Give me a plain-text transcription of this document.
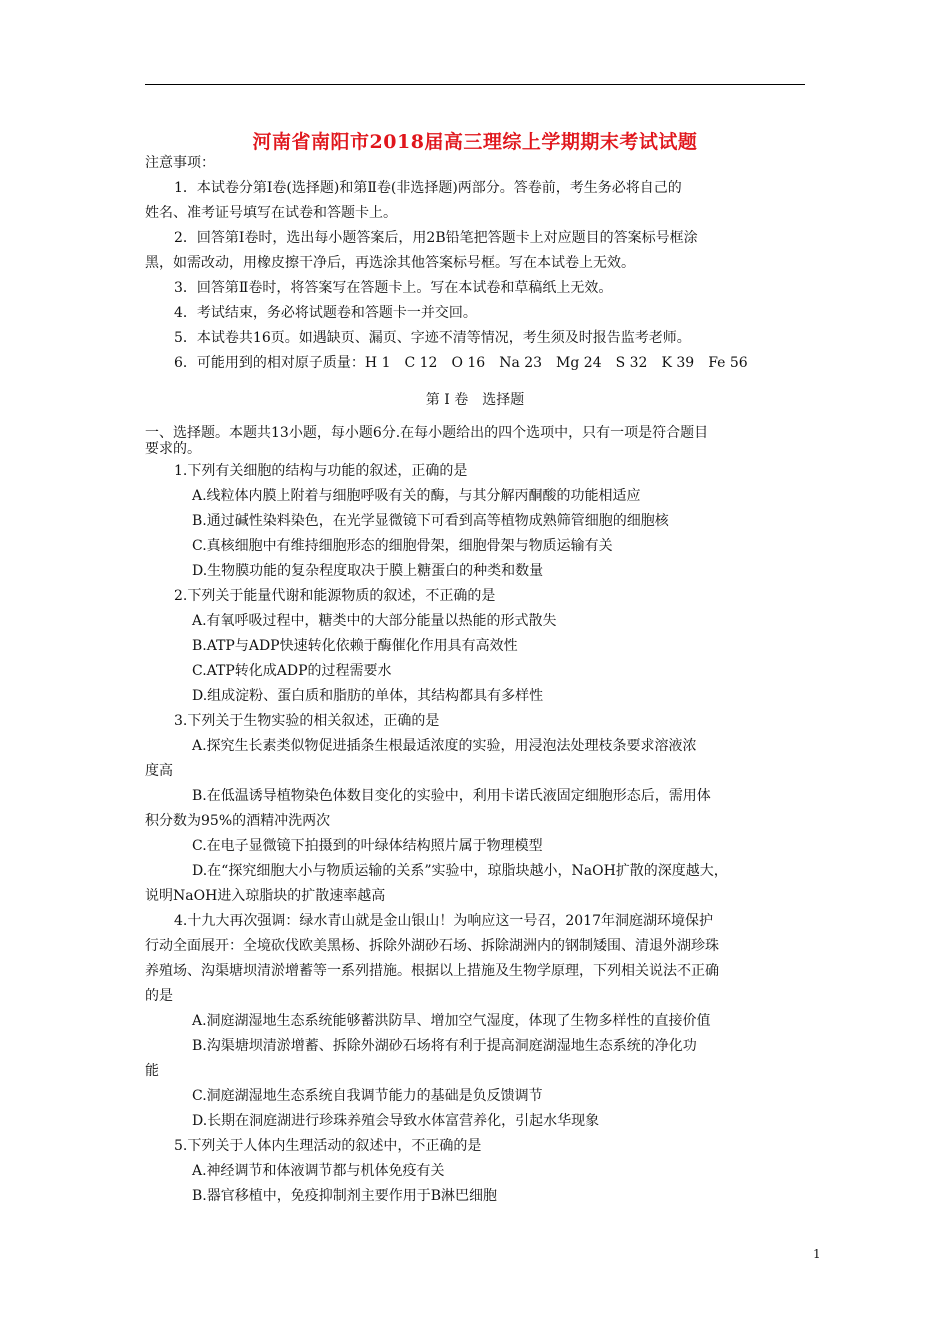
河南省南阳市2018届高三理综上学期期末考试试题
注意事项：
1．本试卷分第Ⅰ卷(选择题)和第Ⅱ卷(非选择题)两部分。答卷前，考生务必将自己的
姓名、准考证号填写在试卷和答题卡上。
2．回答第Ⅰ卷时，选出每小题答案后，用2B铅笔把答题卡上对应题目的答案标号框涂
黑，如需改动，用橡皮擦干净后，再选涂其他答案标号框。写在本试卷上无效。
3．回答第Ⅱ卷时，将答案写在答题卡上。写在本试卷和草稿纸上无效。
4．考试结束，务必将试题卷和答题卡一并交回。
5．本试卷共16页。如遇缺页、漏页、字迹不清等情况，考生须及时报告监考老师。
6．可能用到的相对原子质量：H 1　C 12　O 16　Na 23　Mg 24　S 32　K 39　Fe 56
第 I 卷　选择题
一、选择题。本题共13小题，每小题6分.在每小题给出的四个选项中，只有一项是符合题目
要求的。
1.下列有关细胞的结构与功能的叙述，正确的是
A.线粒体内膜上附着与细胞呼吸有关的酶，与其分解丙酮酸的功能相适应
B.通过碱性染料染色，在光学显微镜下可看到高等植物成熟筛管细胞的细胞核
C.真核细胞中有维持细胞形态的细胞骨架，细胞骨架与物质运输有关
D.生物膜功能的复杂程度取决于膜上糖蛋白的种类和数量
2.下列关于能量代谢和能源物质的叙述，不正确的是
A.有氧呼吸过程中，糖类中的大部分能量以热能的形式散失
B.ATP与ADP快速转化依赖于酶催化作用具有高效性
C.ATP转化成ADP的过程需要水
D.组成淀粉、蛋白质和脂肪的单体，其结构都具有多样性
3.下列关于生物实验的相关叙述，正确的是
A.探究生长素类似物促进插条生根最适浓度的实验，用浸泡法处理枝条要求溶液浓
度高
B.在低温诱导植物染色体数目变化的实验中，利用卡诺氏液固定细胞形态后，需用体
积分数为95%的酒精冲洗两次
C.在电子显微镜下拍摄到的叶绿体结构照片属于物理模型
D.在“探究细胞大小与物质运输的关系”实验中，琼脂块越小，NaOH扩散的深度越大，
说明NaOH进入琼脂块的扩散速率越高
4.十九大再次强调：绿水青山就是金山银山！为响应这一号召，2017年洞庭湖环境保护
行动全面展开：全境砍伐欧美黑杨、拆除外湖砂石场、拆除湖洲内的钢制矮围、清退外湖珍珠
养殖场、沟渠塘坝清淤增蓄等一系列措施。根据以上措施及生物学原理，下列相关说法不正确
的是
A.洞庭湖湿地生态系统能够蓄洪防旱、增加空气湿度，体现了生物多样性的直接价值
B.沟渠塘坝清淤增蓄、拆除外湖砂石场将有利于提高洞庭湖湿地生态系统的净化功
能
C.洞庭湖湿地生态系统自我调节能力的基础是负反馈调节
D.长期在洞庭湖进行珍珠养殖会导致水体富营养化，引起水华现象
5.下列关于人体内生理活动的叙述中，不正确的是
A.神经调节和体液调节都与机体免疫有关
B.器官移植中，免疫抑制剂主要作用于B淋巴细胞
1
